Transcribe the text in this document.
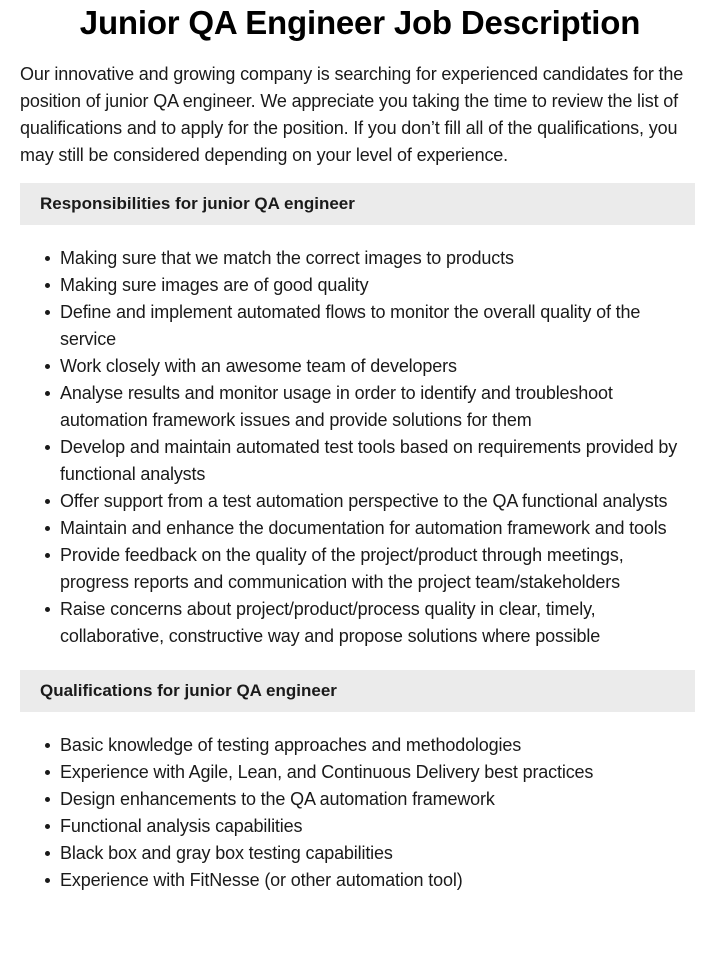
Junior QA Engineer Job Description

Our innovative and growing company is searching for experienced candidates for the position of junior QA engineer. We appreciate you taking the time to review the list of qualifications and to apply for the position. If you don’t fill all of the qualifications, you may still be considered depending on your level of experience.

Responsibilities for junior QA engineer
Making sure that we match the correct images to products
Making sure images are of good quality
Define and implement automated flows to monitor the overall quality of the service
Work closely with an awesome team of developers
Analyse results and monitor usage in order to identify and troubleshoot automation framework issues and provide solutions for them
Develop and maintain automated test tools based on requirements provided by functional analysts
Offer support from a test automation perspective to the QA functional analysts
Maintain and enhance the documentation for automation framework and tools
Provide feedback on the quality of the project/product through meetings, progress reports and communication with the project team/stakeholders
Raise concerns about project/product/process quality in clear, timely, collaborative, constructive way and propose solutions where possible
Qualifications for junior QA engineer
Basic knowledge of testing approaches and methodologies
Experience with Agile, Lean, and Continuous Delivery best practices
Design enhancements to the QA automation framework
Functional analysis capabilities
Black box and gray box testing capabilities
Experience with FitNesse (or other automation tool)
